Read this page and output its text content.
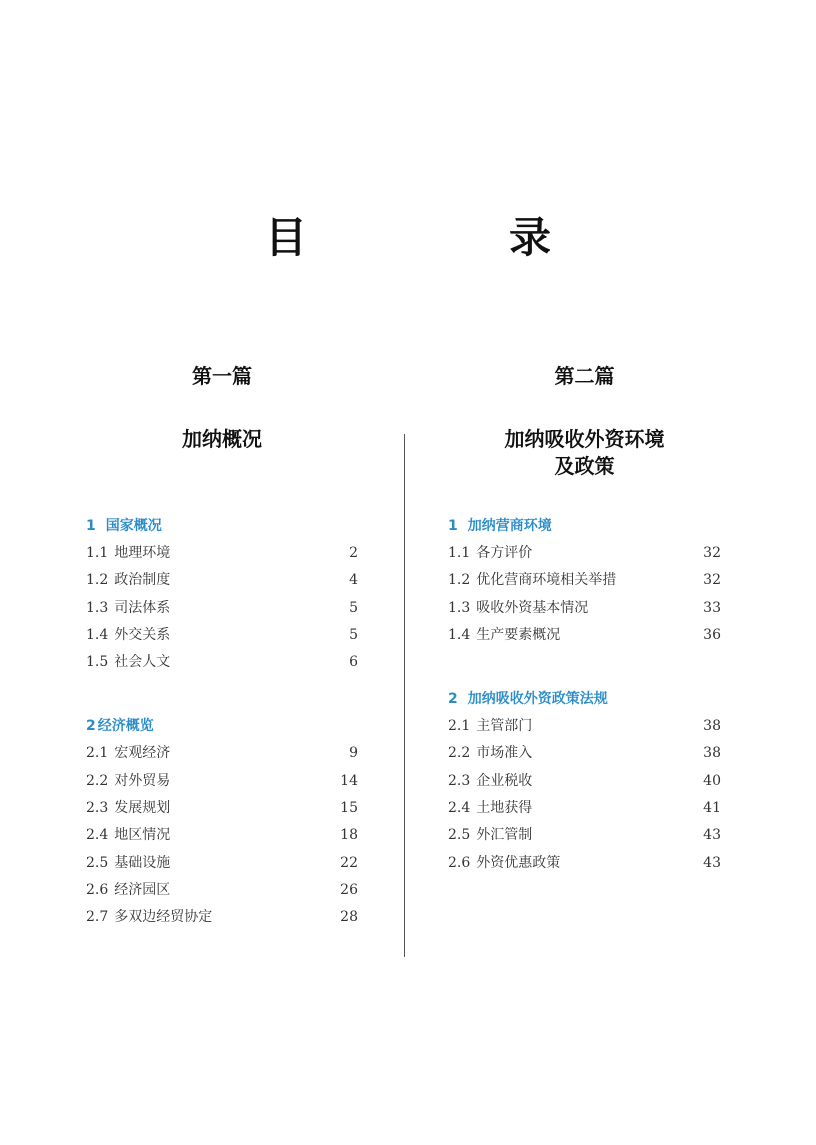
目　录
第一篇
加纳概况
1 国家概况
1.1 地理环境	2
1.2 政治制度	4
1.3 司法体系	5
1.4 外交关系	5
1.5 社会人文	6
2 经济概览
2.1 宏观经济	9
2.2 对外贸易	14
2.3 发展规划	15
2.4 地区情况	18
2.5 基础设施	22
2.6 经济园区	26
2.7 多双边经贸协定	28
第二篇
加纳吸收外资环境
及政策
1 加纳营商环境
1.1 各方评价	32
1.2 优化营商环境相关举措	32
1.3 吸收外资基本情况	33
1.4 生产要素概况	36
2 加纳吸收外资政策法规
2.1 主管部门	38
2.2 市场准入	38
2.3 企业税收	40
2.4 土地获得	41
2.5 外汇管制	43
2.6 外资优惠政策	43
